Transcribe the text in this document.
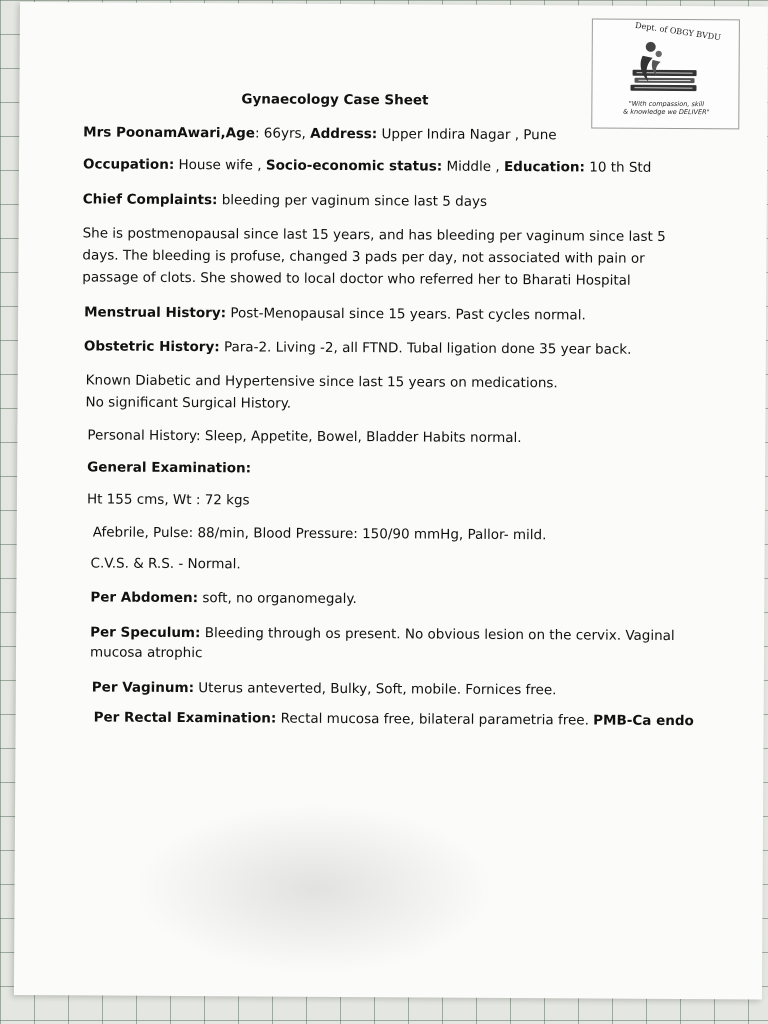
Dept. of OBGY BVDU
"With compassion, skill
& knowledge we DELIVER"
Gynaecology Case Sheet
Mrs PoonamAwari,Age: 66yrs, Address: Upper Indira Nagar , Pune
Occupation: House wife , Socio-economic status: Middle , Education: 10 th Std
Chief Complaints: bleeding per vaginum since last 5 days
She is postmenopausal since last 15 years, and has bleeding per vaginum since last 5
days. The bleeding is profuse, changed 3 pads per day, not associated with pain or
passage of clots. She showed to local doctor who referred her to Bharati Hospital
Menstrual History: Post-Menopausal since 15 years. Past cycles normal.
Obstetric History: Para-2. Living -2, all FTND. Tubal ligation done 35 year back.
Known Diabetic and Hypertensive since last 15 years on medications.
No significant Surgical History.
Personal History: Sleep, Appetite, Bowel, Bladder Habits normal.
General Examination:
Ht 155 cms, Wt : 72 kgs
Afebrile, Pulse: 88/min, Blood Pressure: 150/90 mmHg, Pallor- mild.
C.V.S. & R.S. - Normal.
Per Abdomen: soft, no organomegaly.
Per Speculum: Bleeding through os present. No obvious lesion on the cervix. Vaginal
mucosa atrophic
Per Vaginum: Uterus anteverted, Bulky, Soft, mobile. Fornices free.
Per Rectal Examination: Rectal mucosa free, bilateral parametria free. PMB-Ca endo
